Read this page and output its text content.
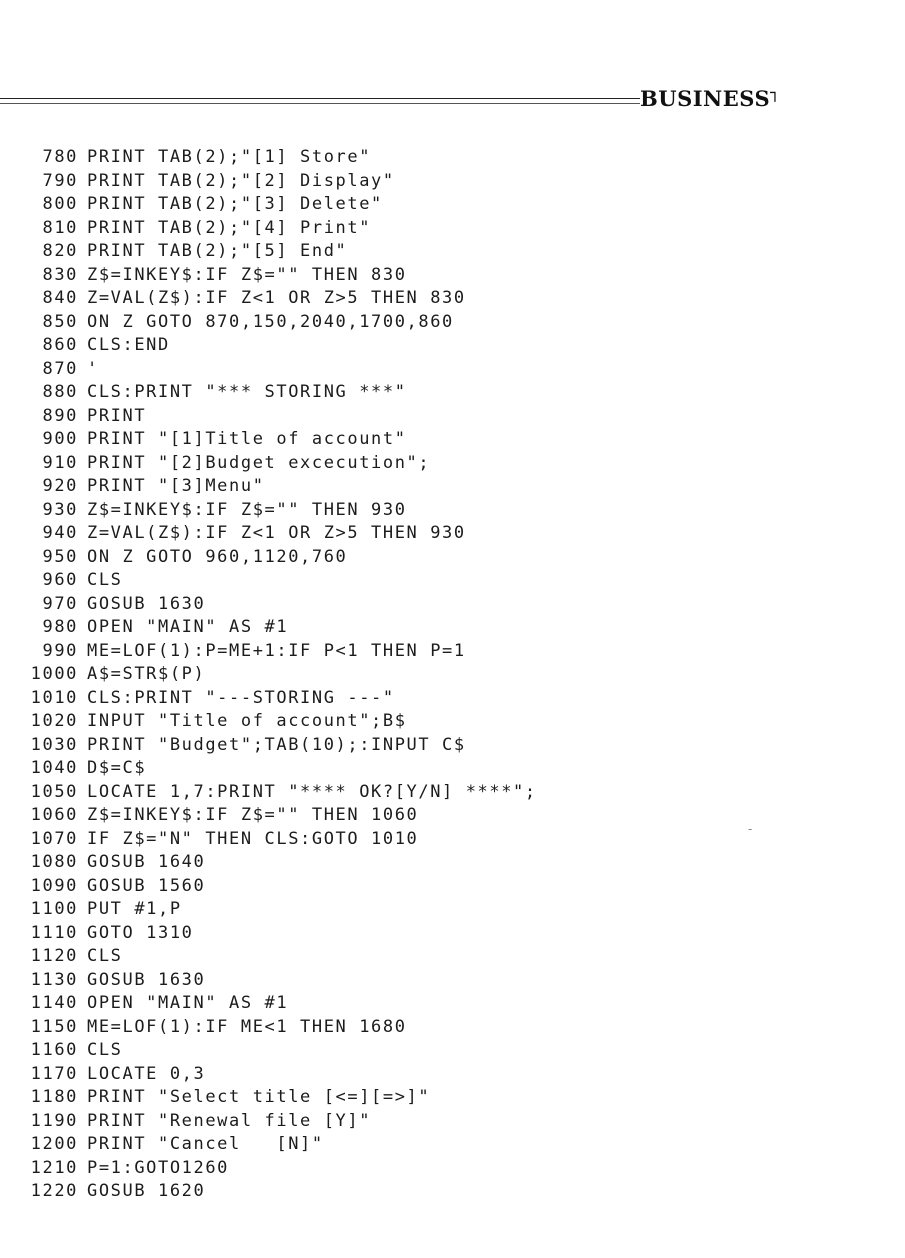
BUSINESS┐
780 PRINT TAB(2);"[1] Store"
790 PRINT TAB(2);"[2] Display"
800 PRINT TAB(2);"[3] Delete"
810 PRINT TAB(2);"[4] Print"
820 PRINT TAB(2);"[5] End"
830 Z$=INKEY$:IF Z$="" THEN 830
840 Z=VAL(Z$):IF Z<1 OR Z>5 THEN 830
850 ON Z GOTO 870,150,2040,1700,860
860 CLS:END
870 '
880 CLS:PRINT "*** STORING ***"
890 PRINT
900 PRINT "[1]Title of account"
910 PRINT "[2]Budget excecution";
920 PRINT "[3]Menu"
930 Z$=INKEY$:IF Z$="" THEN 930
940 Z=VAL(Z$):IF Z<1 OR Z>5 THEN 930
950 ON Z GOTO 960,1120,760
960 CLS
970 GOSUB 1630
980 OPEN "MAIN" AS #1
990 ME=LOF(1):P=ME+1:IF P<1 THEN P=1
1000 A$=STR$(P)
1010 CLS:PRINT "---STORING ---"
1020 INPUT "Title of account";B$
1030 PRINT "Budget";TAB(10);:INPUT C$
1040 D$=C$
1050 LOCATE 1,7:PRINT "**** OK?[Y/N] ****";
1060 Z$=INKEY$:IF Z$="" THEN 1060
1070 IF Z$="N" THEN CLS:GOTO 1010
1080 GOSUB 1640
1090 GOSUB 1560
1100 PUT #1,P
1110 GOTO 1310
1120 CLS
1130 GOSUB 1630
1140 OPEN "MAIN" AS #1
1150 ME=LOF(1):IF ME<1 THEN 1680
1160 CLS
1170 LOCATE 0,3
1180 PRINT "Select title [<=][=>]"
1190 PRINT "Renewal file [Y]"
1200 PRINT "Cancel   [N]"
1210 P=1:GOTO1260
1220 GOSUB 1620
-
